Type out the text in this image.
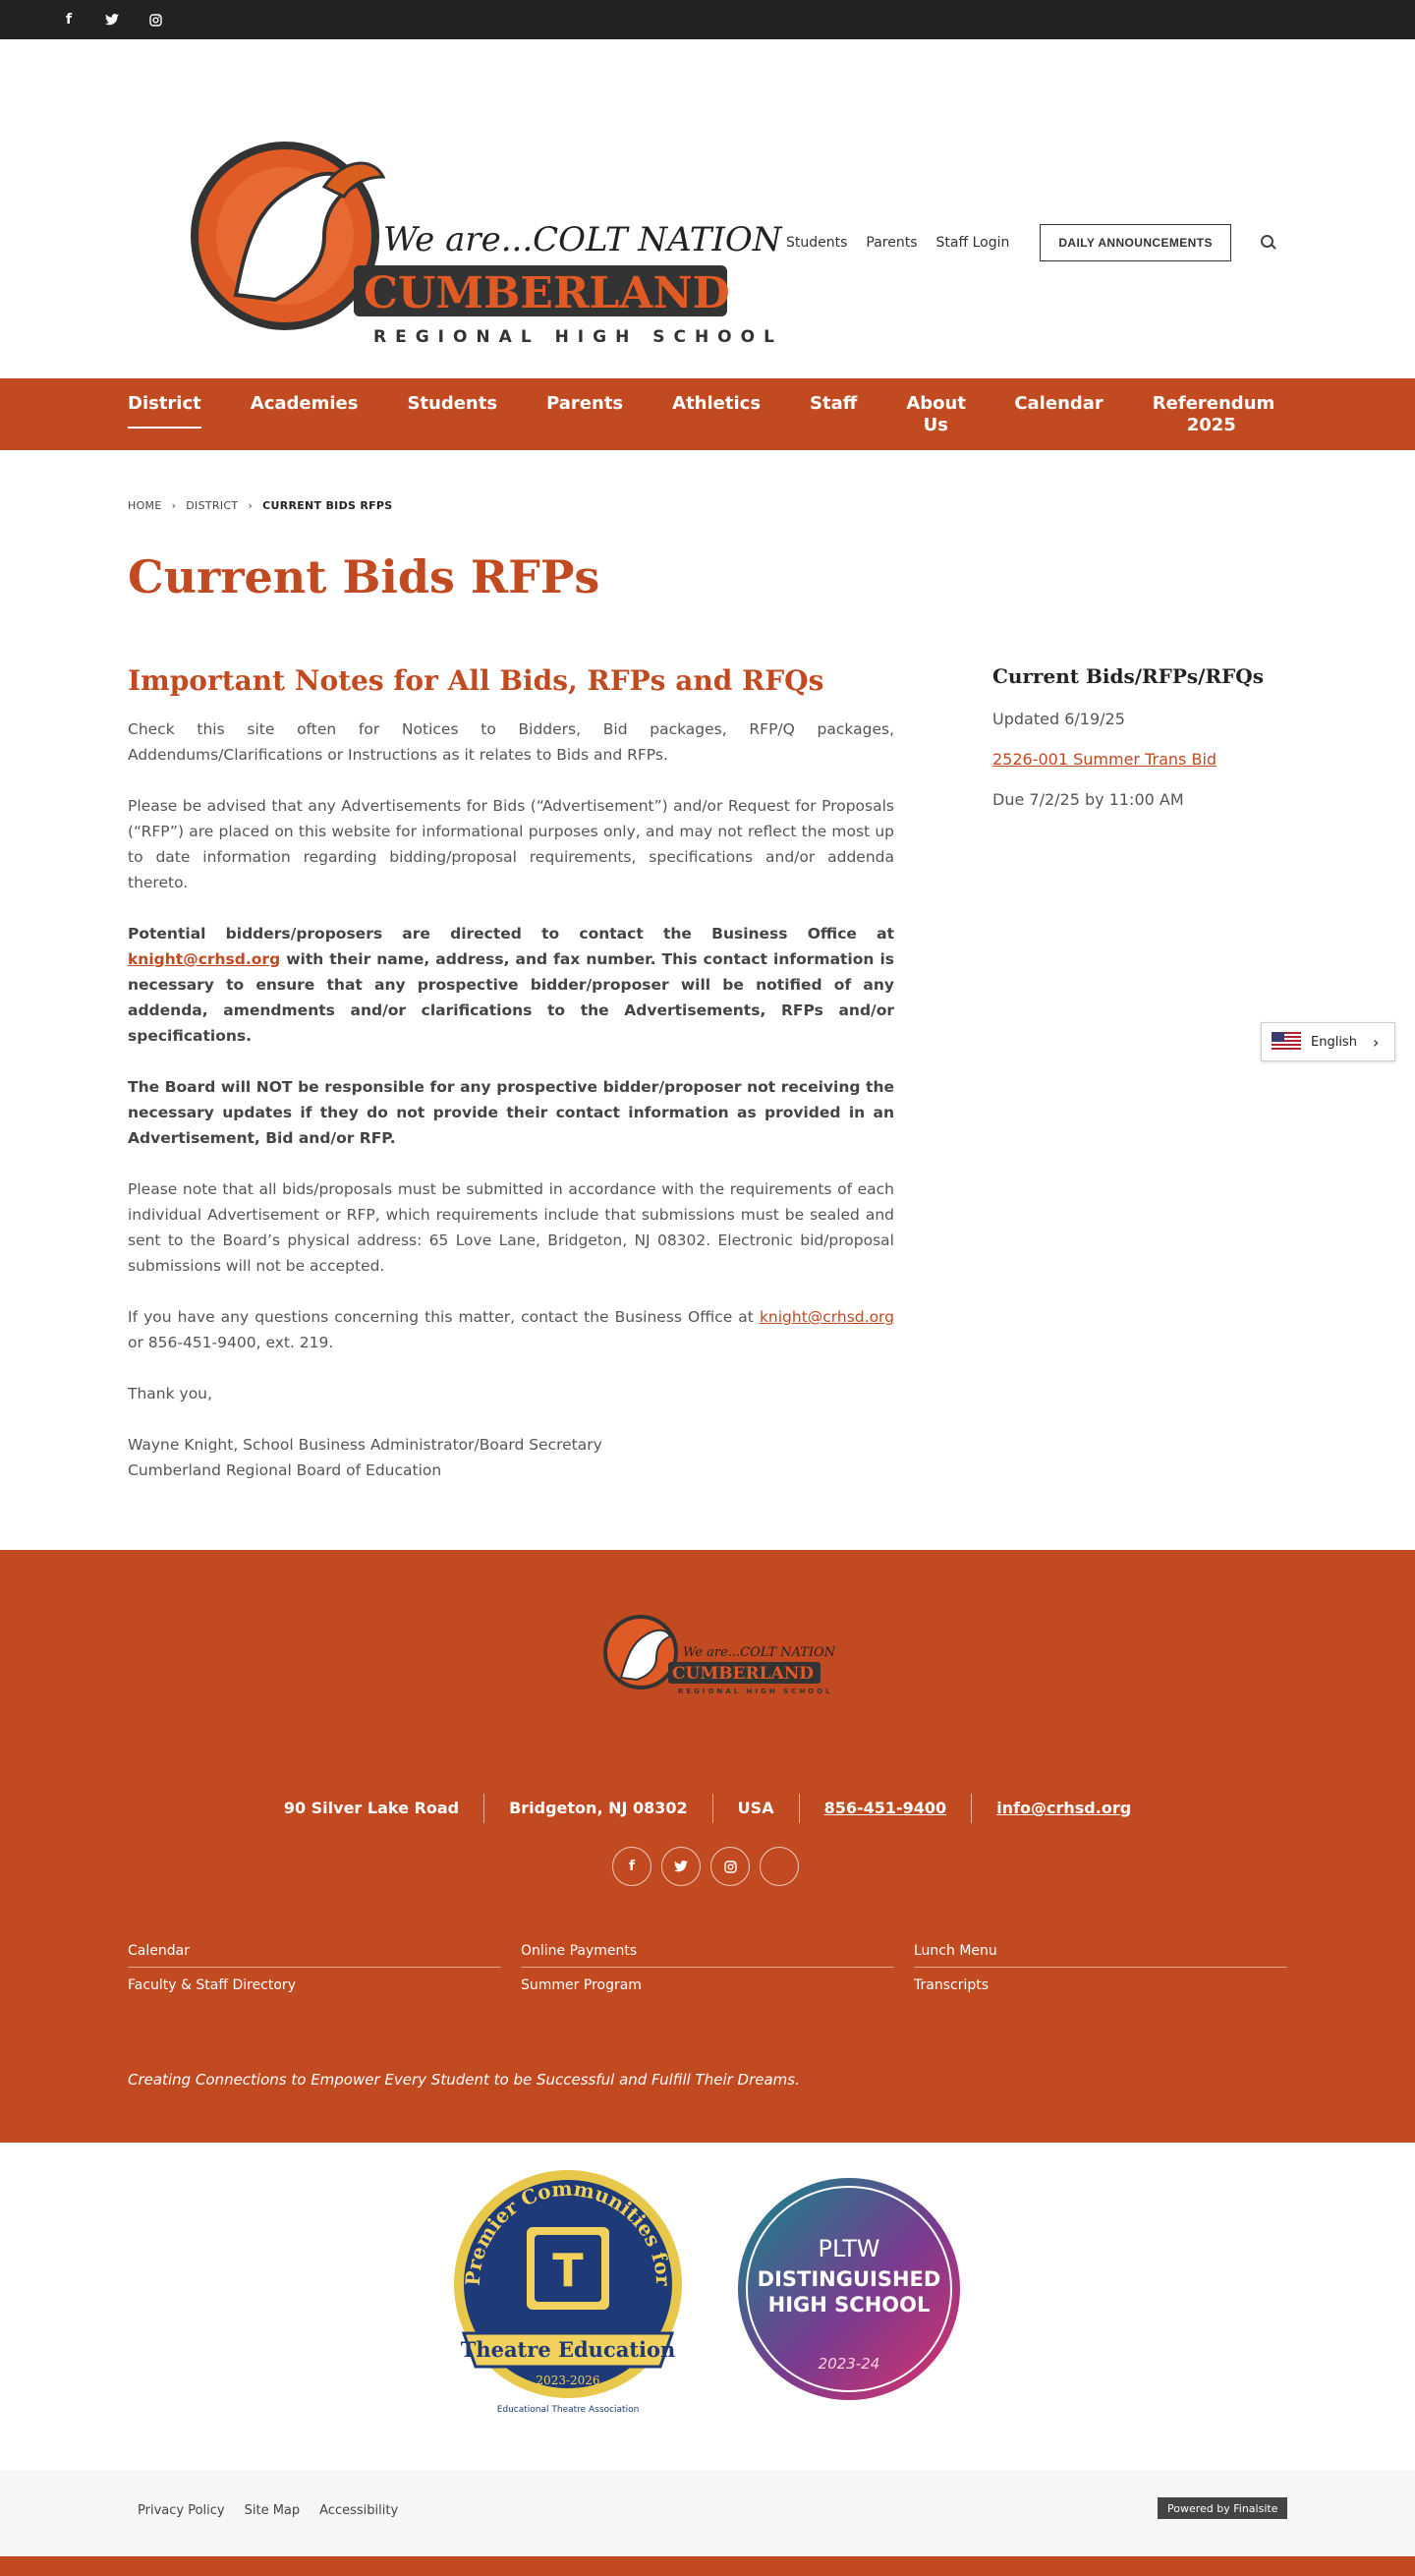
f
We are...COLT NATION
CUMBERLAND
REGIONAL HIGH SCHOOL
Students Parents Staff Login	DAILY ANNOUNCEMENTS
District	Academies	Students	Parents	Athletics	Staff	About Us
Calendar	Referendum 2025
HOME › DISTRICT › CURRENT BIDS RFPS
Current Bids RFPs
Important Notes for All Bids, RFPs and RFQs

Check this site often for Notices to Bidders, Bid packages, RFP/Q packages, Addendums/Clarifications or Instructions as it relates to Bids and RFPs.

Please be advised that any Advertisements for Bids (“Advertisement”) and/or Request for Proposals (“RFP”) are placed on this website for informational purposes only, and may not reflect the most up to date information regarding bidding/proposal requirements, specifications and/or addenda thereto.

Potential bidders/proposers are directed to contact the Business Office at knight@crhsd.org with their name, address, and fax number. This contact information is necessary to ensure that any prospective bidder/proposer will be notified of any addenda, amendments and/or clarifications to the Advertisements, RFPs and/or specifications.

The Board will NOT be responsible for any prospective bidder/proposer not receiving the necessary updates if they do not provide their contact information as provided in an Advertisement, Bid and/or RFP.

Please note that all bids/proposals must be submitted in accordance with the requirements of each individual Advertisement or RFP, which requirements include that submissions must be sealed and sent to the Board’s physical address: 65 Love Lane, Bridgeton, NJ 08302. Electronic bid/proposal submissions will not be accepted.

If you have any questions concerning this matter, contact the Business Office at knight@crhsd.org or 856-451-9400, ext. 219.

Thank you,

Wayne Knight, School Business Administrator/Board Secretary

Cumberland Regional Board of Education

Current Bids/RFPs/RFQs

Updated 6/19/25

2526-001 Summer Trans Bid

Due 7/2/25 by 11:00 AM

English ›
We are...COLT NATION
CUMBERLAND
REGIONAL HIGH SCHOOL
90 Silver Lake Road	Bridgeton, NJ 08302	USA	856-451-9400	info@crhsd.org
f
Calendar	Online Payments	Lunch Menu
Faculty & Staff Directory	Summer Program	Transcripts

Creating Connections to Empower Every Student to be Successful and Fulfill Their Dreams.

Premier Communities for
T
Theatre Education
2023-2026
Educational Theatre Association
PLTW
DISTINGUISHED
HIGH SCHOOL
2023-24
Privacy Policy Site Map Accessibility	Powered by Finalsite
